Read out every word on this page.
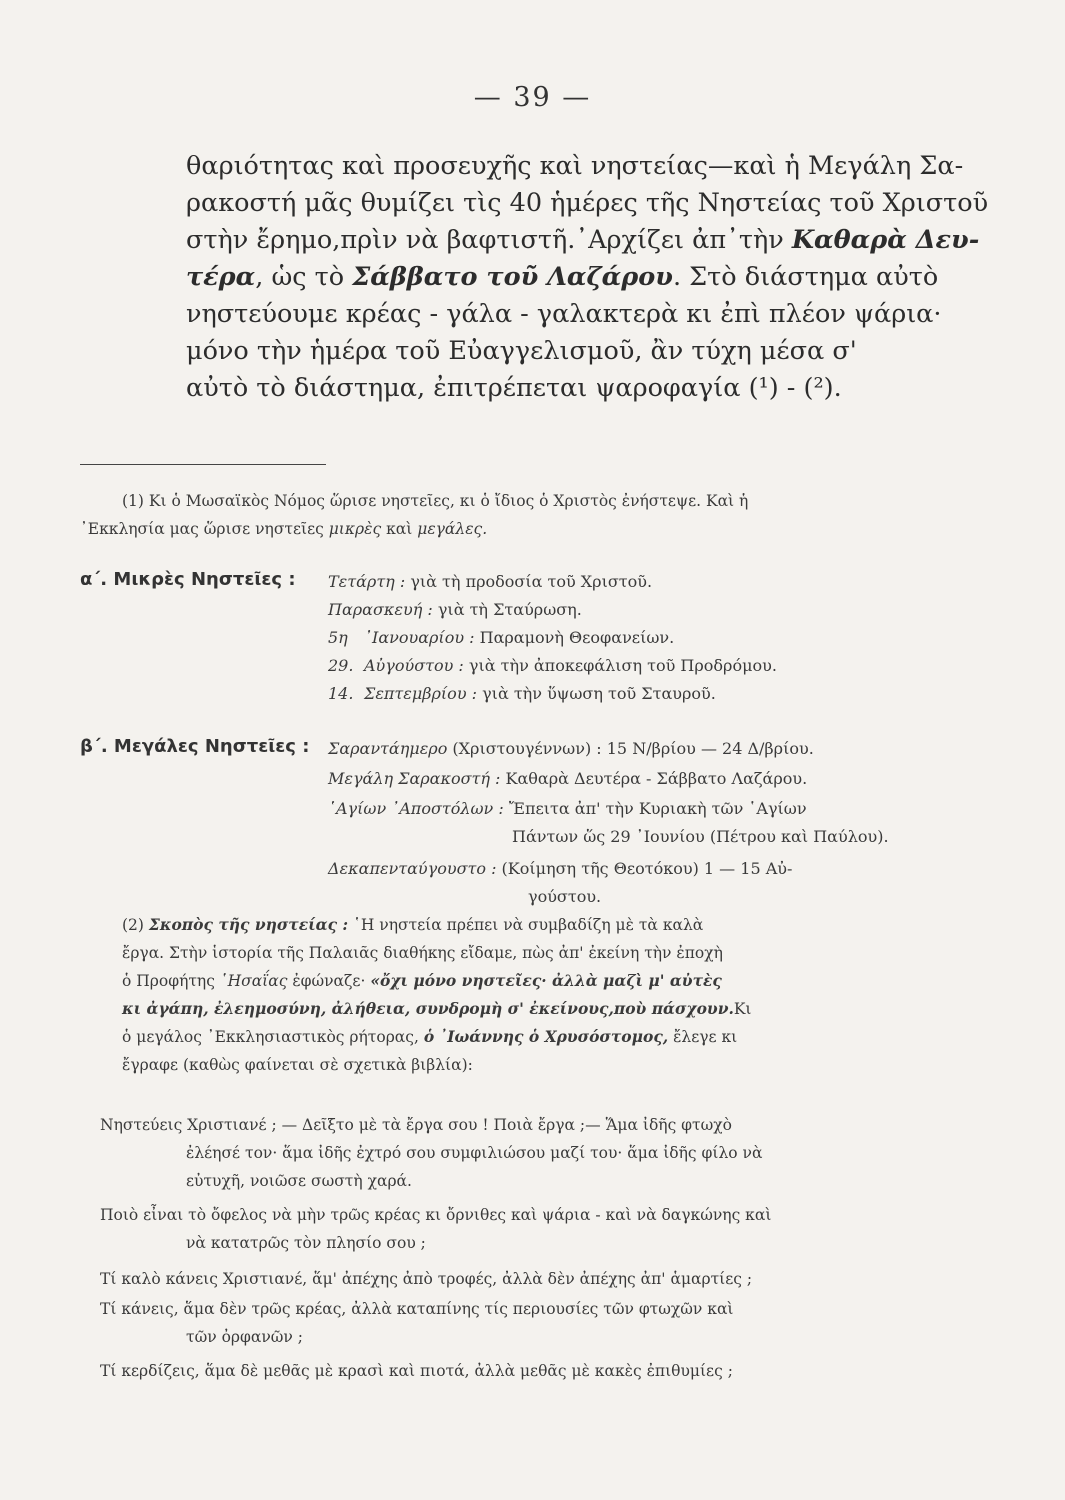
— 39 —
θαριότητας καὶ προσευχῆς καὶ νηστείας—καὶ ἡ Μεγάλη Σα-
ρακοστή μᾶς θυμίζει τὶς 40 ἡμέρες τῆς Νηστείας τοῦ Χριστοῦ
στὴν ἔρημο,πρὶν νὰ βαφτιστῆ.᾿Αρχίζει ἀπ᾿τὴν Καθαρὰ Δευ-
τέρα, ὡς τὸ Σάββατο τοῦ Λαζάρου. Στὸ διάστημα αὐτὸ
νηστεύουμε κρέας - γάλα - γαλακτερὰ κι ἐπὶ πλέον ψάρια·
μόνο τὴν ἡμέρα τοῦ Εὐαγγελισμοῦ, ἂν τύχη μέσα σ'
αὐτὸ τὸ διάστημα, ἐπιτρέπεται ψαροφαγία (¹) - (²).
(1) Κι ὁ Μωσαϊκὸς Νόμος ὥρισε νηστεῖες, κι ὁ ἴδιος ὁ Χριστὸς ἐνήστεψε. Καὶ ἡ
᾿Εκκλησία μας ὥρισε νηστεῖες μικρὲς καὶ μεγάλες.
α΄. Μικρὲς Νηστεῖες : Τετάρτη : γιὰ τὴ προδοσία τοῦ Χριστοῦ.
Παρασκευή : γιὰ τὴ Σταύρωση.
5η ᾿Ιανουαρίου : Παραμονὴ Θεοφανείων.
29. Αὐγούστου : γιὰ τὴν ἀποκεφάλιση τοῦ Προδρόμου.
14. Σεπτεμβρίου : γιὰ τὴν ὕψωση τοῦ Σταυροῦ.
β΄. Μεγάλες Νηστεῖες : Σαραντάημερο (Χριστουγέννων) : 15 Ν/βρίου — 24 Δ/βρίου.
Μεγάλη Σαρακοστή : Καθαρὰ Δευτέρα - Σάββατο Λαζάρου.
῾Αγίων ᾿Αποστόλων : Ἔπειτα ἀπ' τὴν Κυριακὴ τῶν ῾Αγίων
Πάντων ὥς 29 ᾿Ιουνίου (Πέτρου καὶ Παύλου).
Δεκαπενταύγουστο : (Κοίμηση τῆς Θεοτόκου) 1 — 15 Αὐ-
γούστου.
(2) Σκοπὸς τῆς νηστείας : ῾Η νηστεία πρέπει νὰ συμβαδίζη μὲ τὰ καλὰ
ἔργα. Στὴν ἱστορία τῆς Παλαιᾶς διαθήκης εἴδαμε, πὼς ἀπ' ἐκείνη τὴν ἐποχὴ
ὁ Προφήτης ῾Ησαΐας ἐφώναζε· «ὄχι μόνο νηστεῖες· ἀλλὰ μαζὶ μ' αὐτὲς
κι ἀγάπη, ἐλεημοσύνη, ἀλήθεια, συνδρομὴ σ' ἐκείνους,ποὺ πάσχουν.Κι
ὁ μεγάλος ᾿Εκκλησιαστικὸς ρήτορας, ὁ ᾿Ιωάννης ὁ Χρυσόστομος, ἔλεγε κι
ἔγραφε (καθὼς φαίνεται σὲ σχετικὰ βιβλία):
Νηστεύεις Χριστιανέ ; — Δεῖξτο μὲ τὰ ἔργα σου ! Ποιὰ ἔργα ;— Ἅμα ἰδῆς φτωχὸ
ἐλέησέ τον· ἅμα ἰδῆς ἐχτρό σου συμφιλιώσου μαζί του· ἅμα ἰδῆς φίλο νὰ
εὐτυχῆ, νοιῶσε σωστὴ χαρά.
Ποιὸ εἶναι τὸ ὄφελος νὰ μὴν τρῶς κρέας κι ὄρνιθες καὶ ψάρια - καὶ νὰ δαγκώνης καὶ
νὰ κατατρῶς τὸν πλησίο σου ;
Τί καλὸ κάνεις Χριστιανέ, ἅμ' ἀπέχης ἀπὸ τροφές, ἀλλὰ δὲν ἀπέχης ἀπ' ἁμαρτίες ;
Τί κάνεις, ἅμα δὲν τρῶς κρέας, ἀλλὰ καταπίνης τίς περιουσίες τῶν φτωχῶν καὶ
τῶν ὀρφανῶν ;
Τί κερδίζεις, ἅμα δὲ μεθᾶς μὲ κρασὶ καὶ πιοτά, ἀλλὰ μεθᾶς μὲ κακὲς ἐπιθυμίες ;
